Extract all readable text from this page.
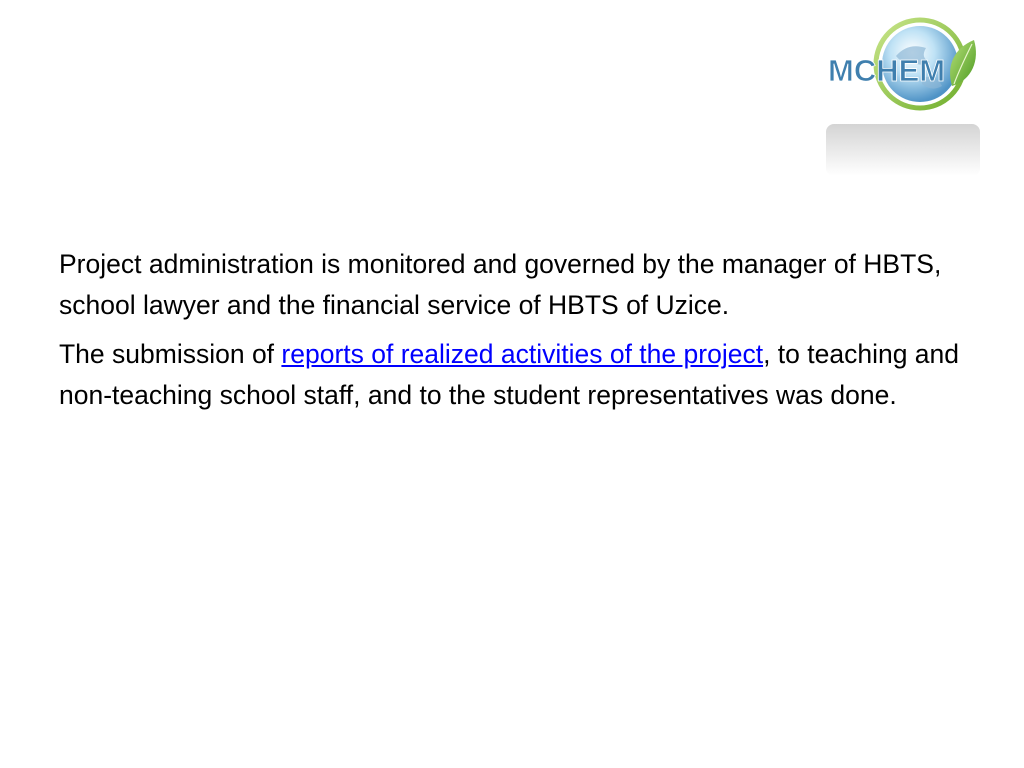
MCHEM

Project administration is monitored and governed by the manager of HBTS, school lawyer and the financial service of HBTS of Uzice.

The submission of reports of realized activities of the project, to teaching and non-teaching school staff, and to the student representatives was done.
